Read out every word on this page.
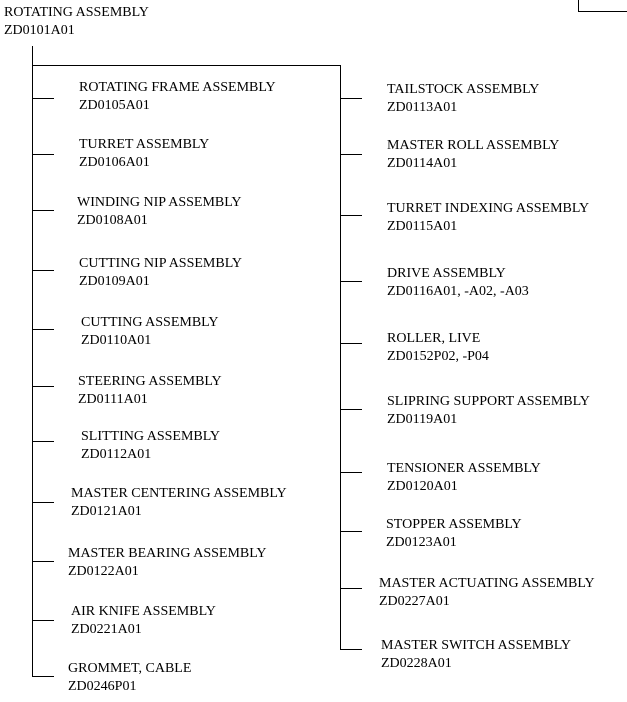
ROTATING ASSEMBLY
ZD0101A01
ROTATING FRAME ASSEMBLY
ZD0105A01
TURRET ASSEMBLY
ZD0106A01
WINDING NIP ASSEMBLY
ZD0108A01
CUTTING NIP ASSEMBLY
ZD0109A01
CUTTING ASSEMBLY
ZD0110A01
STEERING ASSEMBLY
ZD0111A01
SLITTING ASSEMBLY
ZD0112A01
MASTER CENTERING ASSEMBLY
ZD0121A01
MASTER BEARING ASSEMBLY
ZD0122A01
AIR KNIFE ASSEMBLY
ZD0221A01
GROMMET, CABLE
ZD0246P01
TAILSTOCK ASSEMBLY
ZD0113A01
MASTER ROLL ASSEMBLY
ZD0114A01
TURRET INDEXING ASSEMBLY
ZD0115A01
DRIVE ASSEMBLY
ZD0116A01, -A02, -A03
ROLLER, LIVE
ZD0152P02, -P04
SLIPRING SUPPORT ASSEMBLY
ZD0119A01
TENSIONER ASSEMBLY
ZD0120A01
STOPPER ASSEMBLY
ZD0123A01
MASTER ACTUATING ASSEMBLY
ZD0227A01
MASTER SWITCH ASSEMBLY
ZD0228A01
